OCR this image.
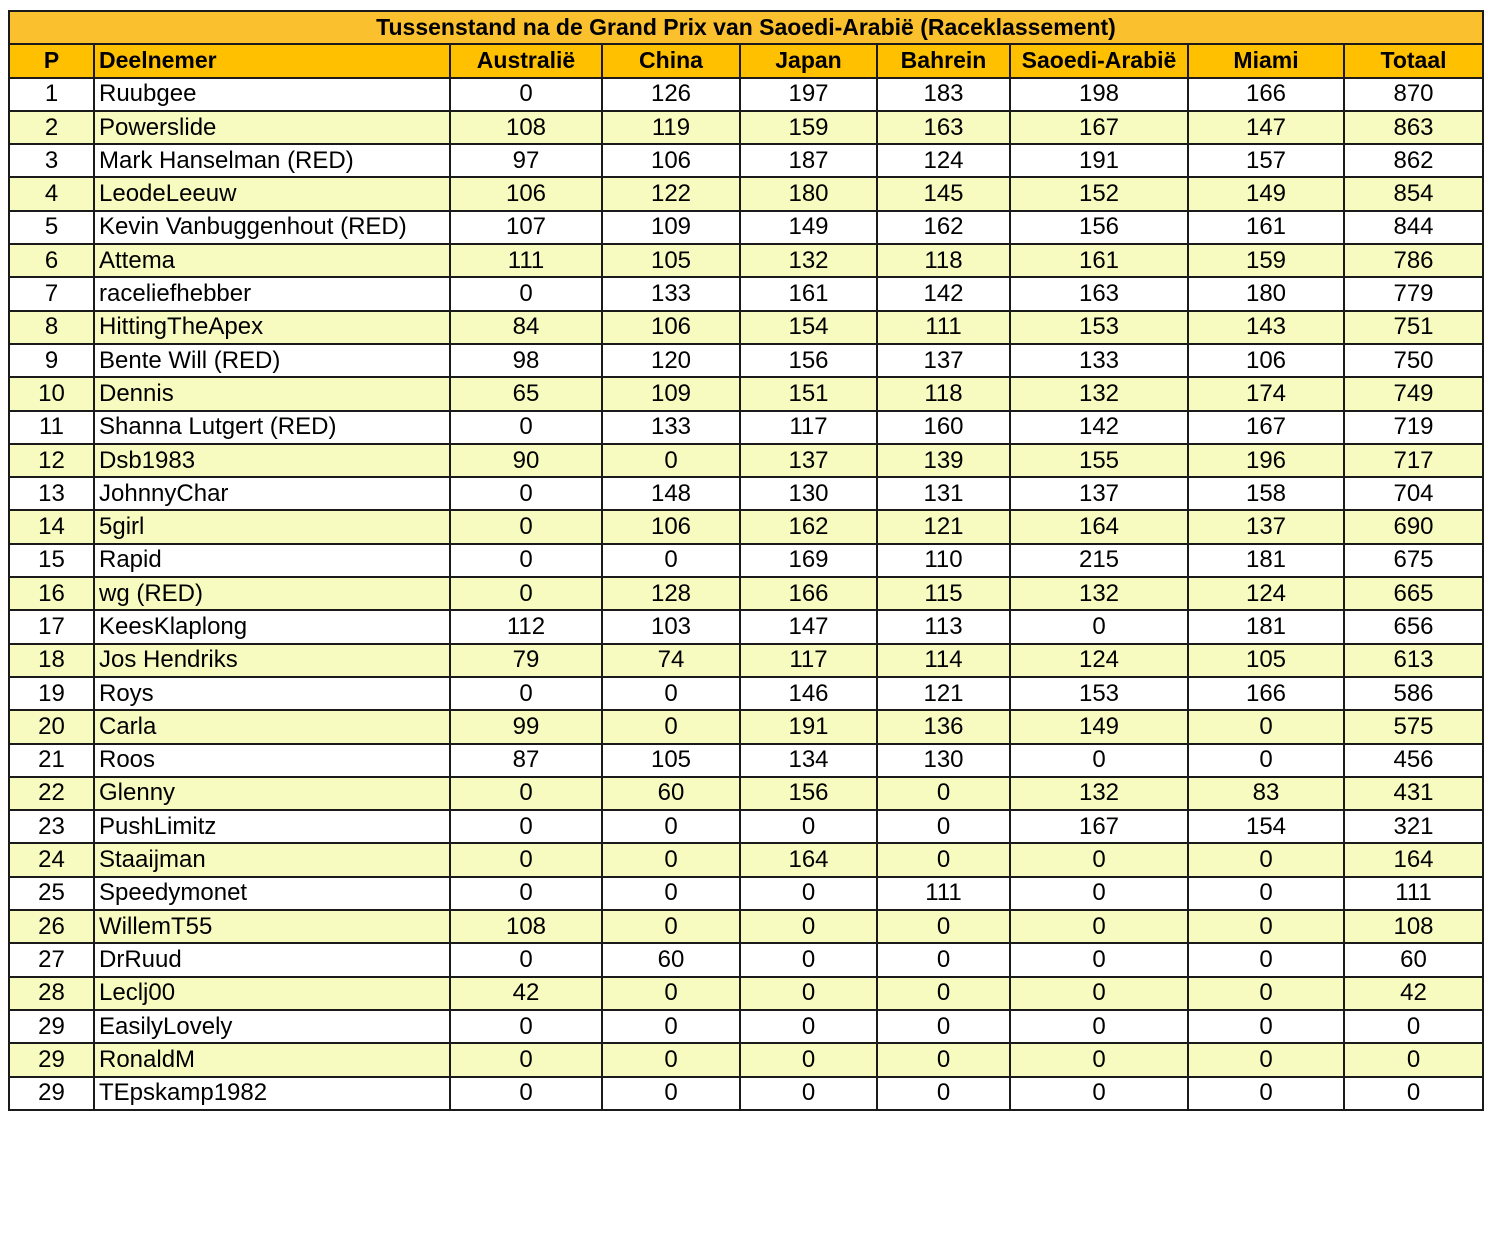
Tussenstand na de Grand Prix van Saoedi-Arabië (Raceklassement)								
P	Deelnemer	Australië	China	Japan	Bahrein	Saoedi-Arabië	Miami	Totaal
1	Ruubgee	0	126	197	183	198	166	870
2	Powerslide	108	119	159	163	167	147	863
3	Mark Hanselman (RED)	97	106	187	124	191	157	862
4	LeodeLeeuw	106	122	180	145	152	149	854
5	Kevin Vanbuggenhout (RED)	107	109	149	162	156	161	844
6	Attema	111	105	132	118	161	159	786
7	raceliefhebber	0	133	161	142	163	180	779
8	HittingTheApex	84	106	154	111	153	143	751
9	Bente Will (RED)	98	120	156	137	133	106	750
10	Dennis	65	109	151	118	132	174	749
11	Shanna Lutgert (RED)	0	133	117	160	142	167	719
12	Dsb1983	90	0	137	139	155	196	717
13	JohnnyChar	0	148	130	131	137	158	704
14	5girl	0	106	162	121	164	137	690
15	Rapid	0	0	169	110	215	181	675
16	wg (RED)	0	128	166	115	132	124	665
17	KeesKlaplong	112	103	147	113	0	181	656
18	Jos Hendriks	79	74	117	114	124	105	613
19	Roys	0	0	146	121	153	166	586
20	Carla	99	0	191	136	149	0	575
21	Roos	87	105	134	130	0	0	456
22	Glenny	0	60	156	0	132	83	431
23	PushLimitz	0	0	0	0	167	154	321
24	Staaijman	0	0	164	0	0	0	164
25	Speedymonet	0	0	0	111	0	0	111
26	WillemT55	108	0	0	0	0	0	108
27	DrRuud	0	60	0	0	0	0	60
28	Leclj00	42	0	0	0	0	0	42
29	EasilyLovely	0	0	0	0	0	0	0
29	RonaldM	0	0	0	0	0	0	0
29	TEpskamp1982	0	0	0	0	0	0	0
